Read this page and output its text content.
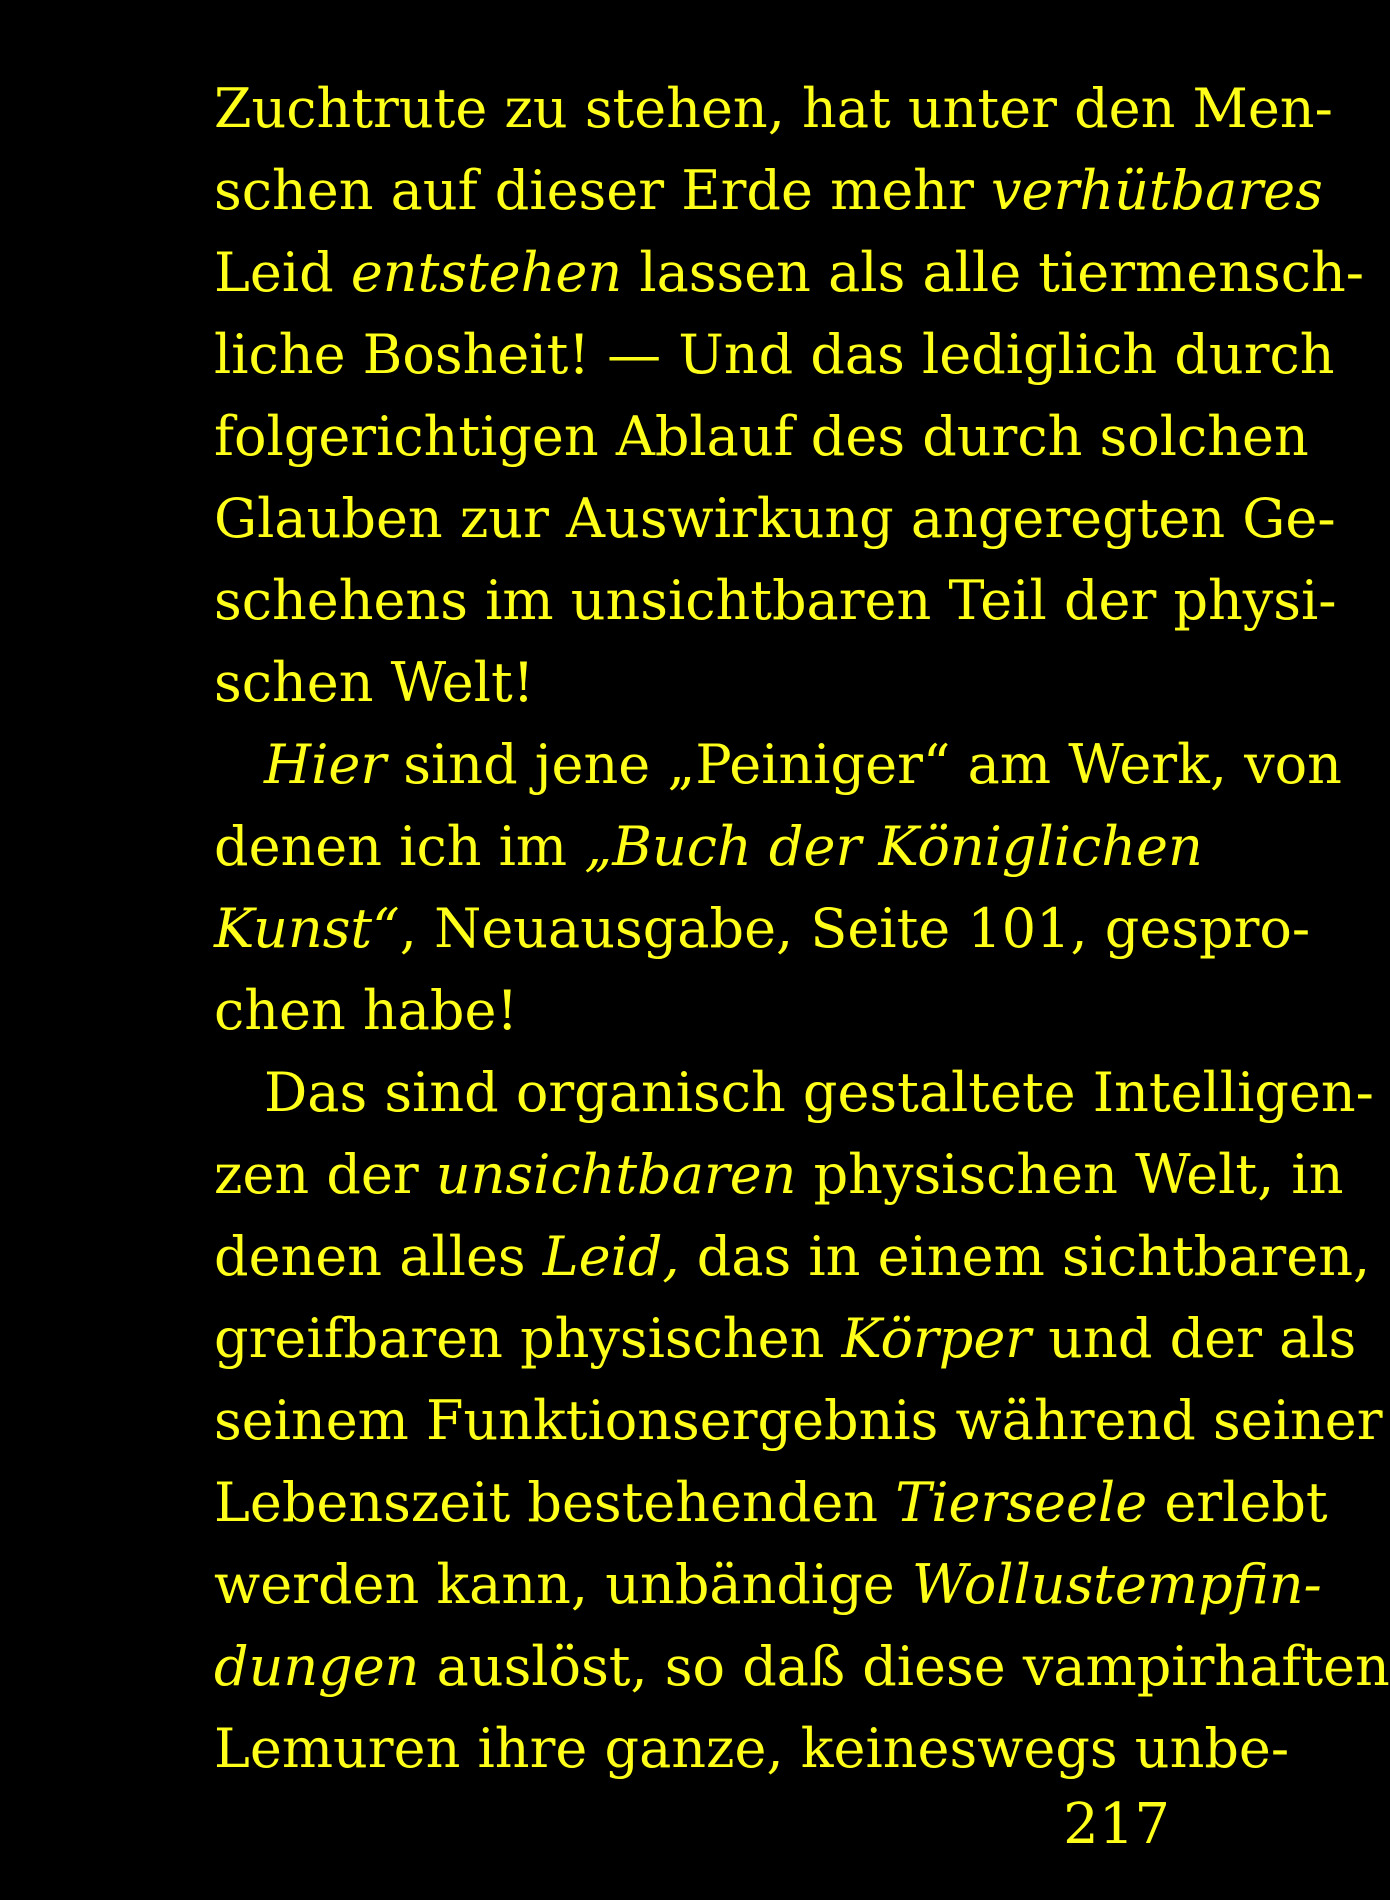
Zuchtrute zu stehen, hat unter den Men-
schen auf dieser Erde mehr verhütbares
Leid entstehen lassen als alle tiermensch-
liche Bosheit! — Und das lediglich durch
folgerichtigen Ablauf des durch solchen
Glauben zur Auswirkung angeregten Ge-
schehens im unsichtbaren Teil der physi-
schen Welt!
Hier sind jene „Peiniger“ am Werk, von
denen ich im „Buch der Königlichen
Kunst“, Neuausgabe, Seite 101, gespro-
chen habe!
Das sind organisch gestaltete Intelligen-
zen der unsichtbaren physischen Welt, in
denen alles Leid, das in einem sichtbaren,
greifbaren physischen Körper und der als
seinem Funktionsergebnis während seiner
Lebenszeit bestehenden Tierseele erlebt
werden kann, unbändige Wollustempfin-
dungen auslöst, so daß diese vampirhaften
Lemuren ihre ganze, keineswegs unbe-
217
